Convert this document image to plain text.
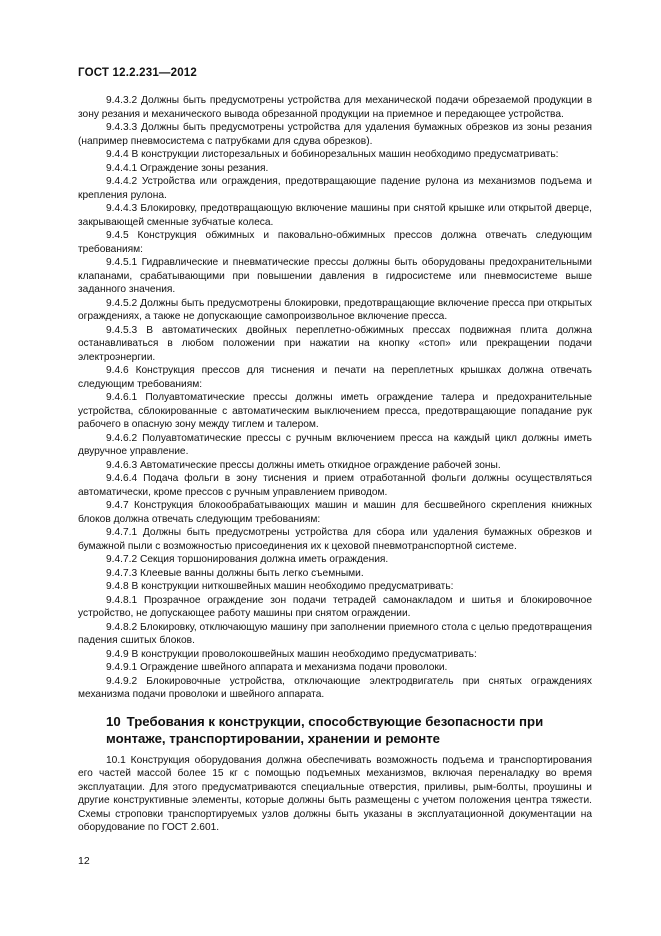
ГОСТ 12.2.231—2012

9.4.3.2 Должны быть предусмотрены устройства для механической подачи обрезаемой продукции в зону резания и механического вывода обрезанной продукции на приемное и передающее устройства.

9.4.3.3 Должны быть предусмотрены устройства для удаления бумажных обрезков из зоны резания (например пневмосистема с патрубками для сдува обрезков).

9.4.4 В конструкции листорезальных и бобинорезальных машин необходимо предусматривать:

9.4.4.1 Ограждение зоны резания.

9.4.4.2 Устройства или ограждения, предотвращающие падение рулона из механизмов подъема и крепления рулона.

9.4.4.3 Блокировку, предотвращающую включение машины при снятой крышке или открытой дверце, закрывающей сменные зубчатые колеса.

9.4.5 Конструкция обжимных и паковально-обжимных прессов должна отвечать следующим требованиям:

9.4.5.1 Гидравлические и пневматические прессы должны быть оборудованы предохранительными клапанами, срабатывающими при повышении давления в гидросистеме или пневмосистеме выше заданного значения.

9.4.5.2 Должны быть предусмотрены блокировки, предотвращающие включение пресса при открытых ограждениях, а также не допускающие самопроизвольное включение пресса.

9.4.5.3 В автоматических двойных переплетно-обжимных прессах подвижная плита должна останавливаться в любом положении при нажатии на кнопку «стоп» или прекращении подачи электроэнергии.

9.4.6 Конструкция прессов для тиснения и печати на переплетных крышках должна отвечать следующим требованиям:

9.4.6.1 Полуавтоматические прессы должны иметь ограждение талера и предохранительные устройства, сблокированные с автоматическим выключением пресса, предотвращающие попадание рук рабочего в опасную зону между тиглем и талером.

9.4.6.2 Полуавтоматические прессы с ручным включением пресса на каждый цикл должны иметь двуручное управление.

9.4.6.3 Автоматические прессы должны иметь откидное ограждение рабочей зоны.

9.4.6.4 Подача фольги в зону тиснения и прием отработанной фольги должны осуществляться автоматически, кроме прессов с ручным управлением приводом.

9.4.7 Конструкция блокообрабатывающих машин и машин для бесшвейного скрепления книжных блоков должна отвечать следующим требованиям:

9.4.7.1 Должны быть предусмотрены устройства для сбора или удаления бумажных обрезков и бумажной пыли с возможностью присоединения их к цеховой пневмотранспортной системе.

9.4.7.2 Секция торшонирования должна иметь ограждения.

9.4.7.3 Клеевые ванны должны быть легко съемными.

9.4.8 В конструкции ниткошвейных машин необходимо предусматривать:

9.4.8.1 Прозрачное ограждение зон подачи тетрадей самонакладом и шитья и блокировочное устройство, не допускающее работу машины при снятом ограждении.

9.4.8.2 Блокировку, отключающую машину при заполнении приемного стола с целью предотвращения падения сшитых блоков.

9.4.9 В конструкции проволокошвейных машин необходимо предусматривать:

9.4.9.1 Ограждение швейного аппарата и механизма подачи проволоки.

9.4.9.2 Блокировочные устройства, отключающие электродвигатель при снятых ограждениях механизма подачи проволоки и швейного аппарата.

10 Требования к конструкции, способствующие безопасности при монтаже, транспортировании, хранении и ремонте

10.1 Конструкция оборудования должна обеспечивать возможность подъема и транспортирования его частей массой более 15 кг с помощью подъемных механизмов, включая переналадку во время эксплуатации. Для этого предусматриваются специальные отверстия, приливы, рым-болты, проушины и другие конструктивные элементы, которые должны быть размещены с учетом положения центра тяжести. Схемы строповки транспортируемых узлов должны быть указаны в эксплуатационной документации на оборудование по ГОСТ 2.601.

12
